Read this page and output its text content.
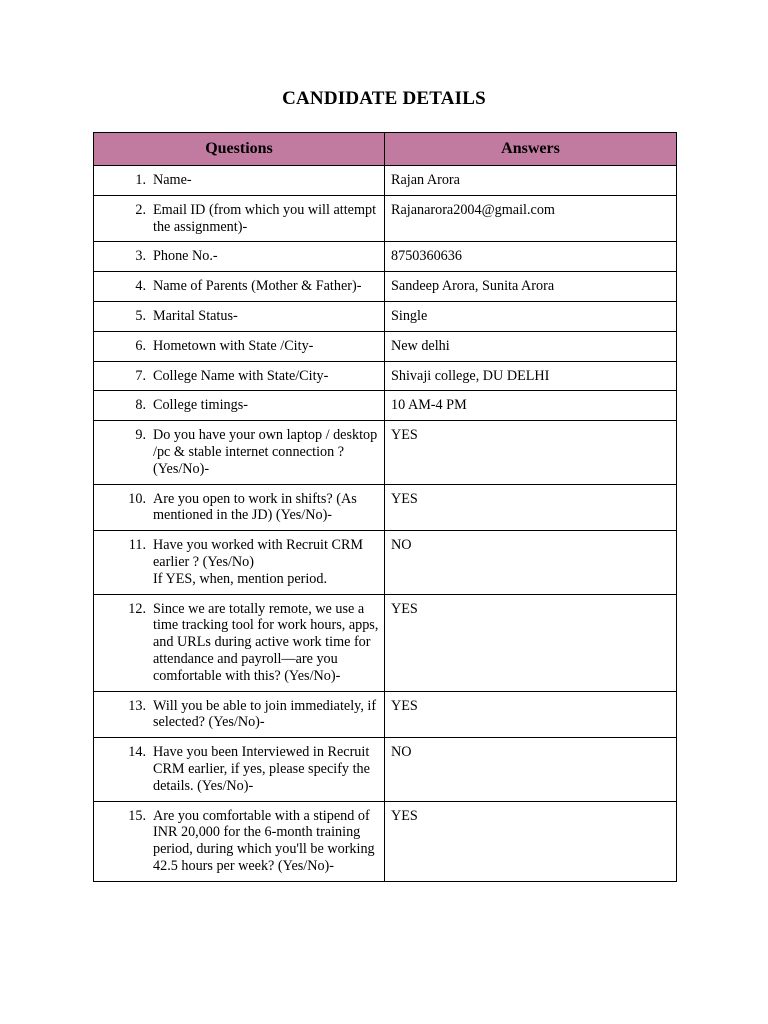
CANDIDATE DETAILS
Questions	Answers

1. Name-	Rajan Arora

2. Email ID (from which you will attempt the assignment)-	Rajanarora2004@gmail.com

3. Phone No.-	8750360636

4. Name of Parents (Mother & Father)-	Sandeep Arora, Sunita Arora

5. Marital Status-	Single

6. Hometown with State /City-	New delhi

7. College Name with State/City-	Shivaji college, DU DELHI

8. College timings-	10 AM-4 PM

9. Do you have your own laptop / desktop /pc & stable internet connection ? (Yes/No)-	YES

10. Are you open to work in shifts? (As mentioned in the JD) (Yes/No)-	YES

11. Have you worked with Recruit CRM earlier ? (Yes/No)
If YES, when, mention period.	NO

12. Since we are totally remote, we use a time tracking tool for work hours, apps, and URLs during active work time for attendance and payroll—are you comfortable with this? (Yes/No)-	YES

13. Will you be able to join immediately, if selected? (Yes/No)-	YES

14. Have you been Interviewed in Recruit CRM earlier, if yes, please specify the details. (Yes/No)-	NO

15. Are you comfortable with a stipend of INR 20,000 for the 6-month training period, during which you'll be working 42.5 hours per week? (Yes/No)-	YES
